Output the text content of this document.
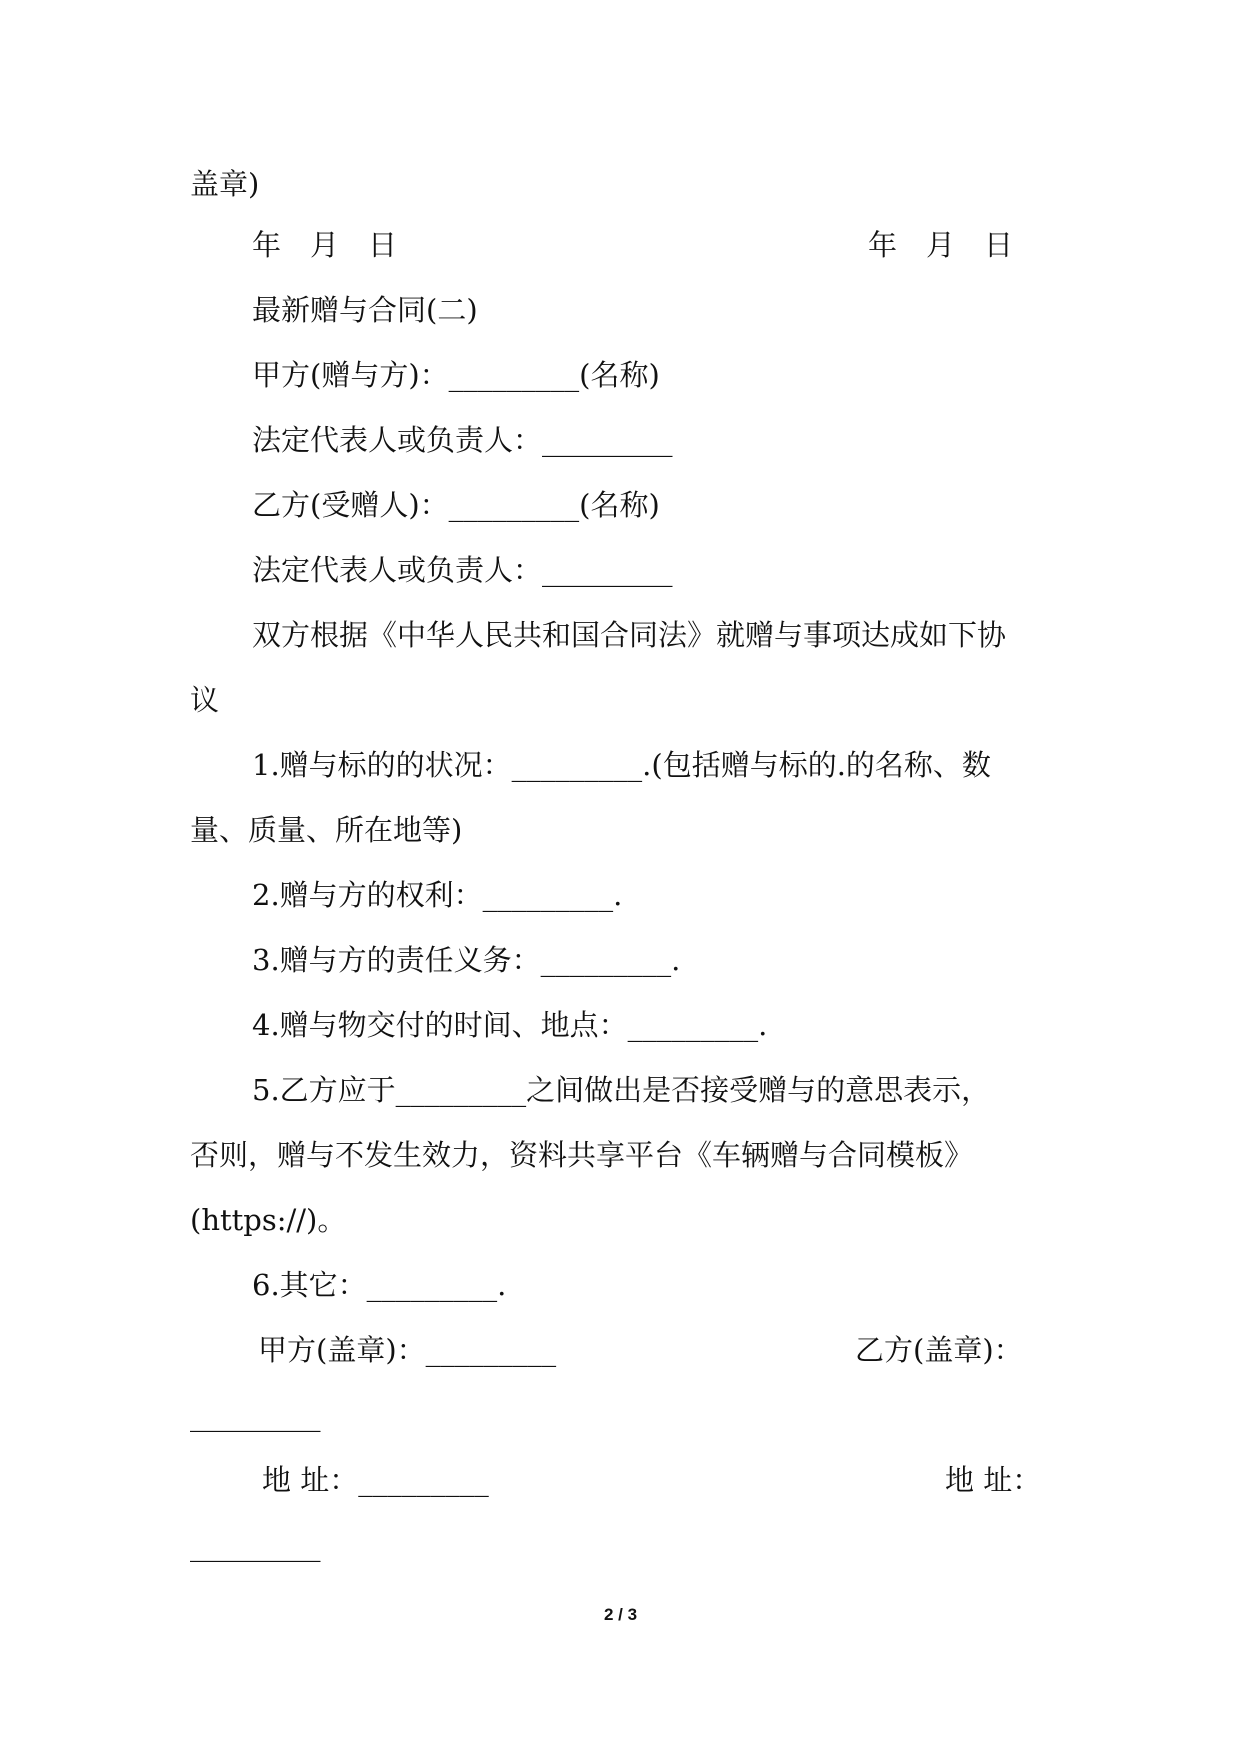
盖章)
年　月　日	年　月　日
最新赠与合同(二)
甲方(赠与方)：_________(名称)
法定代表人或负责人：_________
乙方(受赠人)：_________(名称)
法定代表人或负责人：_________
双方根据《中华人民共和国合同法》就赠与事项达成如下协
议
1.赠与标的的状况：_________.(包括赠与标的.的名称、数
量、质量、所在地等)
2.赠与方的权利：_________.
3.赠与方的责任义务：_________.
4.赠与物交付的时间、地点：_________.
5.乙方应于_________之间做出是否接受赠与的意思表示，
否则，赠与不发生效力，资料共享平台《车辆赠与合同模板》
(https://)。
6.其它：_________.
甲方(盖章)：_________	乙方(盖章)：
_________
地 址：_________	地 址：
_________
2 / 3
